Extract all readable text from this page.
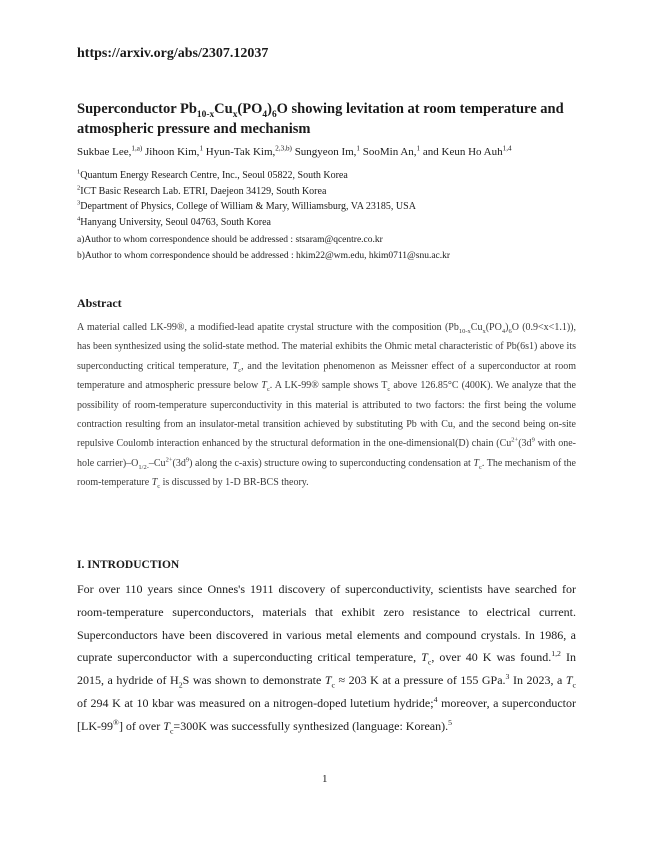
https://arxiv.org/abs/2307.12037
Superconductor $Pb_{10-x}Cu_x(PO_4)_6O$ showing levitation at room temperature and atmospheric pressure and mechanism
Sukbae Lee,$^{1,a)}$ Jihoon Kim,$^1$ Hyun-Tak Kim,$^{2,3,b)}$ Sungyeon Im,$^1$ SooMin An,$^1$ and Keun Ho Auh$^{1,4}$
$^1$Quantum Energy Research Centre, Inc., Seoul 05822, South Korea
$^2$ICT Basic Research Lab. ETRI, Daejeon 34129, South Korea
$^3$Department of Physics, College of William & Mary, Williamsburg, VA 23185, USA
$^4$Hanyang University, Seoul 04763, South Korea
a)Author to whom correspondence should be addressed : stsaram@qcentre.co.kr
b)Author to whom correspondence should be addressed : hkim22@wm.edu, hkim0711@snu.ac.kr
Abstract
A material called LK-99®, a modified-lead apatite crystal structure with the composition ($Pb_{10-x}Cu_x(PO_4)_6O$ (0.9<x<1.1)), has been synthesized using the solid-state method. The material exhibits the Ohmic metal characteristic of Pb(6s1) above its superconducting critical temperature, $T_c$, and the levitation phenomenon as Meissner effect of a superconductor at room temperature and atmospheric pressure below $T_c$. A LK-99® sample shows $T_c$ above 126.85°C (400K). We analyze that the possibility of room-temperature superconductivity in this material is attributed to two factors: the first being the volume contraction resulting from an insulator-metal transition achieved by substituting Pb with Cu, and the second being on-site repulsive Coulomb interaction enhanced by the structural deformation in the one-dimensional(D) chain ($Cu^{2+}(3d^9$ with one-hole $carrier)-O_{1/2-}-Cu^{2+}(3d^9)$ along the c-axis) structure owing to superconducting condensation at $T_c$. The mechanism of the room-temperature $T_c$ is discussed by 1-D BR-BCS theory.
I. INTRODUCTION
For over 110 years since Onnes's 1911 discovery of superconductivity, scientists have searched for room-temperature superconductors, materials that exhibit zero resistance to electrical current. Superconductors have been discovered in various metal elements and compound crystals. In 1986, a cuprate superconductor with a superconducting critical temperature, $T_c$, over 40 K was found.$^{1,2}$ In 2015, a hydride of $H_2S$ was shown to demonstrate $T_c \approx 203$ K at a pressure of 155 GPa.$^3$ In 2023, a $T_c$ of 294 K at 10 kbar was measured on a nitrogen-doped lutetium hydride;$^4$ moreover, a superconductor [LK-99®] of over $T_c=300K$ was successfully synthesized (language: Korean).$^5$
1
